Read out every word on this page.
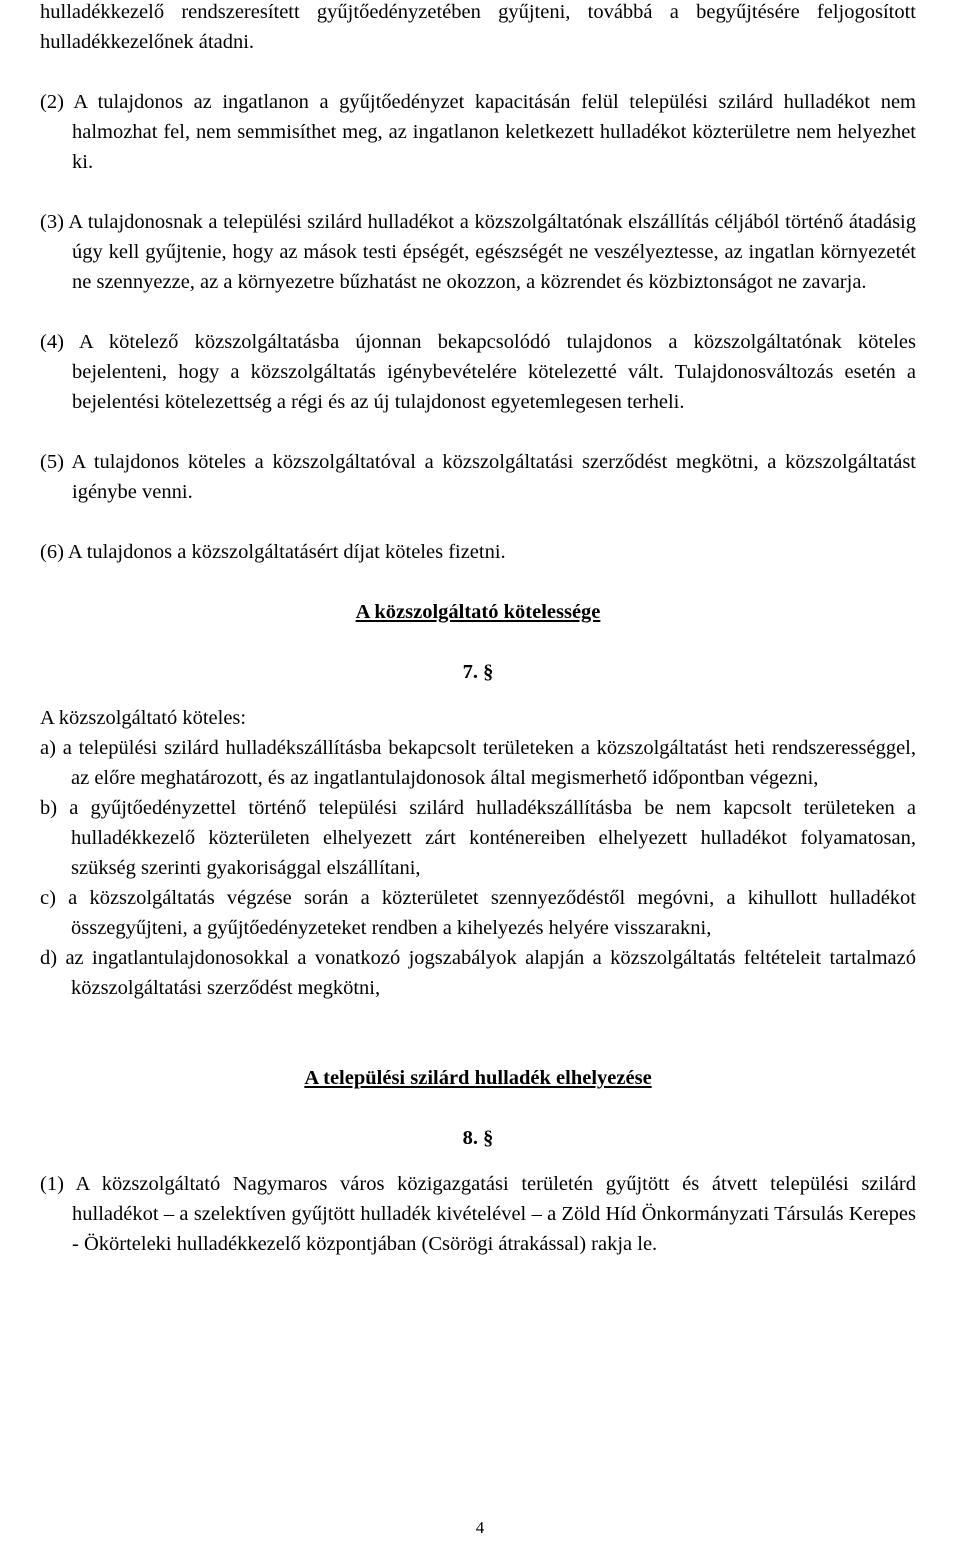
hulladékkezelő rendszeresített gyűjtőedényzetében gyűjteni, továbbá a begyűjtésére feljogosított hulladékkezelőnek átadni.

(2) A tulajdonos az ingatlanon a gyűjtőedényzet kapacitásán felül települési szilárd hulladékot nem halmozhat fel, nem semmisíthet meg, az ingatlanon keletkezett hulladékot közterületre nem helyezhet ki.

(3) A tulajdonosnak a települési szilárd hulladékot a közszolgáltatónak elszállítás céljából történő átadásig úgy kell gyűjtenie, hogy az mások testi épségét, egészségét ne veszélyeztesse, az ingatlan környezetét ne szennyezze, az a környezetre bűzhatást ne okozzon, a közrendet és közbiztonságot ne zavarja.

(4) A kötelező közszolgáltatásba újonnan bekapcsolódó tulajdonos a közszolgáltatónak köteles bejelenteni, hogy a közszolgáltatás igénybevételére kötelezetté vált. Tulajdonosváltozás esetén a bejelentési kötelezettség a régi és az új tulajdonost egyetemlegesen terheli.

(5) A tulajdonos köteles a közszolgáltatóval a közszolgáltatási szerződést megkötni, a közszolgáltatást igénybe venni.

(6) A tulajdonos a közszolgáltatásért díjat köteles fizetni.

A közszolgáltató kötelessége

7. §

A közszolgáltató köteles:

a) a települési szilárd hulladékszállításba bekapcsolt területeken a közszolgáltatást heti rendszerességgel, az előre meghatározott, és az ingatlantulajdonosok által megismerhető időpontban végezni,

b) a gyűjtőedényzettel történő települési szilárd hulladékszállításba be nem kapcsolt területeken a hulladékkezelő közterületen elhelyezett zárt konténereiben elhelyezett hulladékot folyamatosan, szükség szerinti gyakorisággal elszállítani,

c) a közszolgáltatás végzése során a közterületet szennyeződéstől megóvni, a kihullott hulladékot összegyűjteni, a gyűjtőedényzeteket rendben a kihelyezés helyére visszarakni,

d) az ingatlantulajdonosokkal a vonatkozó jogszabályok alapján a közszolgáltatás feltételeit tartalmazó közszolgáltatási szerződést megkötni,

A települési szilárd hulladék elhelyezése

8. §

(1) A közszolgáltató Nagymaros város közigazgatási területén gyűjtött és átvett települési szilárd hulladékot – a szelektíven gyűjtött hulladék kivételével – a Zöld Híd Önkormányzati Társulás Kerepes - Ökörteleki hulladékkezelő központjában (Csörögi átrakással) rakja le.

4
